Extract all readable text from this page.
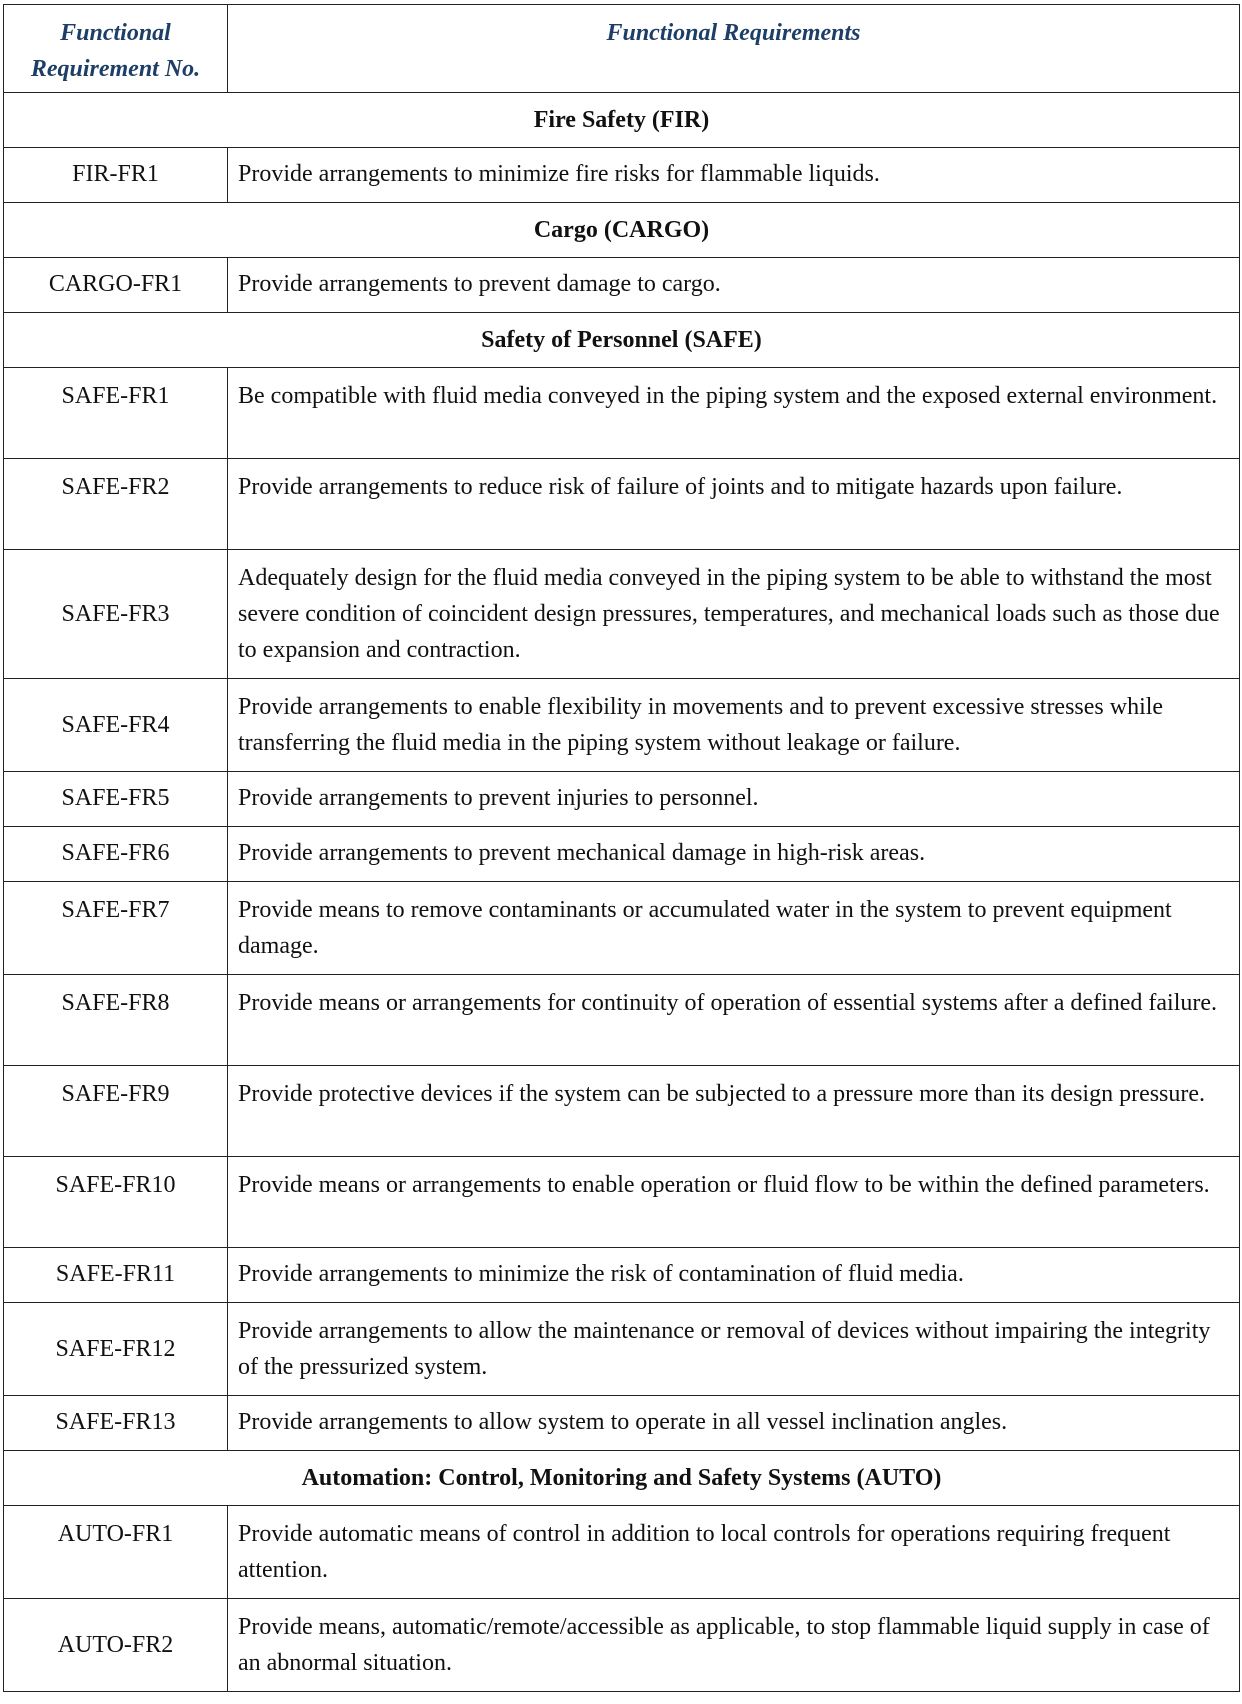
Functional Requirement No.	Functional Requirements
Fire Safety (FIR)	
FIR-FR1	Provide arrangements to minimize fire risks for flammable liquids.
Cargo (CARGO)	
CARGO-FR1	Provide arrangements to prevent damage to cargo.
Safety of Personnel (SAFE)	
SAFE-FR1	Be compatible with fluid media conveyed in the piping system and the exposed external environment.
SAFE-FR2	Provide arrangements to reduce risk of failure of joints and to mitigate hazards upon failure.
SAFE-FR3	Adequately design for the fluid media conveyed in the piping system to be able to withstand the most severe condition of coincident design pressures, temperatures, and mechanical loads such as those due to expansion and contraction.
SAFE-FR4	Provide arrangements to enable flexibility in movements and to prevent excessive stresses while transferring the fluid media in the piping system without leakage or failure.
SAFE-FR5	Provide arrangements to prevent injuries to personnel.
SAFE-FR6	Provide arrangements to prevent mechanical damage in high-risk areas.
SAFE-FR7	Provide means to remove contaminants or accumulated water in the system to prevent equipment damage.
SAFE-FR8	Provide means or arrangements for continuity of operation of essential systems after a defined failure.
SAFE-FR9	Provide protective devices if the system can be subjected to a pressure more than its design pressure.
SAFE-FR10	Provide means or arrangements to enable operation or fluid flow to be within the defined parameters.
SAFE-FR11	Provide arrangements to minimize the risk of contamination of fluid media.
SAFE-FR12	Provide arrangements to allow the maintenance or removal of devices without impairing the integrity of the pressurized system.
SAFE-FR13	Provide arrangements to allow system to operate in all vessel inclination angles.
Automation: Control, Monitoring and Safety Systems (AUTO)	
AUTO-FR1	Provide automatic means of control in addition to local controls for operations requiring frequent attention.
AUTO-FR2	Provide means, automatic/remote/accessible as applicable, to stop flammable liquid supply in case of an abnormal situation.
